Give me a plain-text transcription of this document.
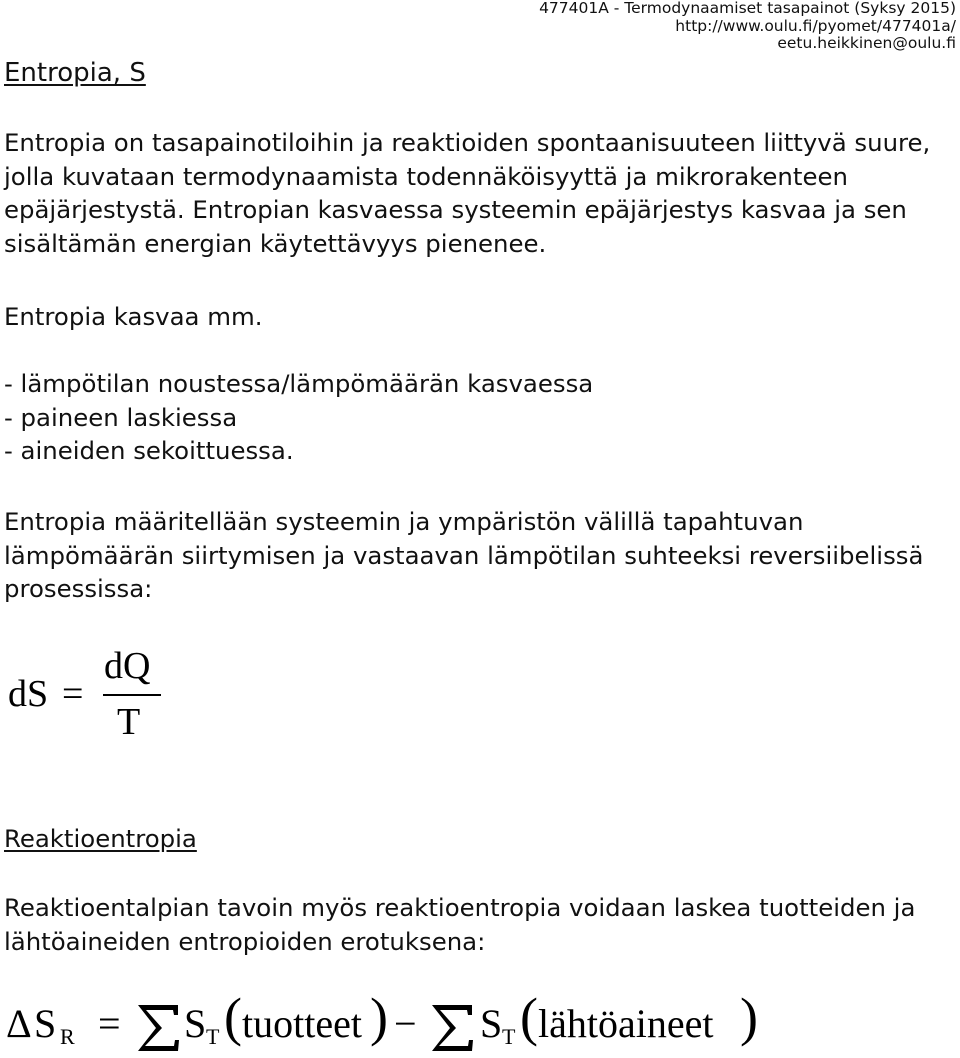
477401A - Termodynaamiset tasapainot (Syksy 2015)
http://www.oulu.fi/pyomet/477401a/
eetu.heikkinen@oulu.fi
Entropia, S
Entropia on tasapainotiloihin ja reaktioiden spontaanisuuteen liittyvä suure,
jolla kuvataan termodynaamista todennäköisyyttä ja mikrorakenteen
epäjärjestystä. Entropian kasvaessa systeemin epäjärjestys kasvaa ja sen
sisältämän energian käytettävyys pienenee.
Entropia kasvaa mm.
- lämpötilan noustessa/lämpömäärän kasvaessa
- paineen laskiessa
- aineiden sekoittuessa.
Entropia määritellään systeemin ja ympäristön välillä tapahtuvan
lämpömäärän siirtymisen ja vastaavan lämpötilan suhteeksi reversiibelissä
prosessissa:
dS =
dQ
T
Reaktioentropia
Reaktioentalpian tavoin myös reaktioentropia voidaan laskea tuotteiden ja
lähtöaineiden entropioiden erotuksena:
Δ S R = S T ( tuotteet ) − S T ( lähtöaineet )
